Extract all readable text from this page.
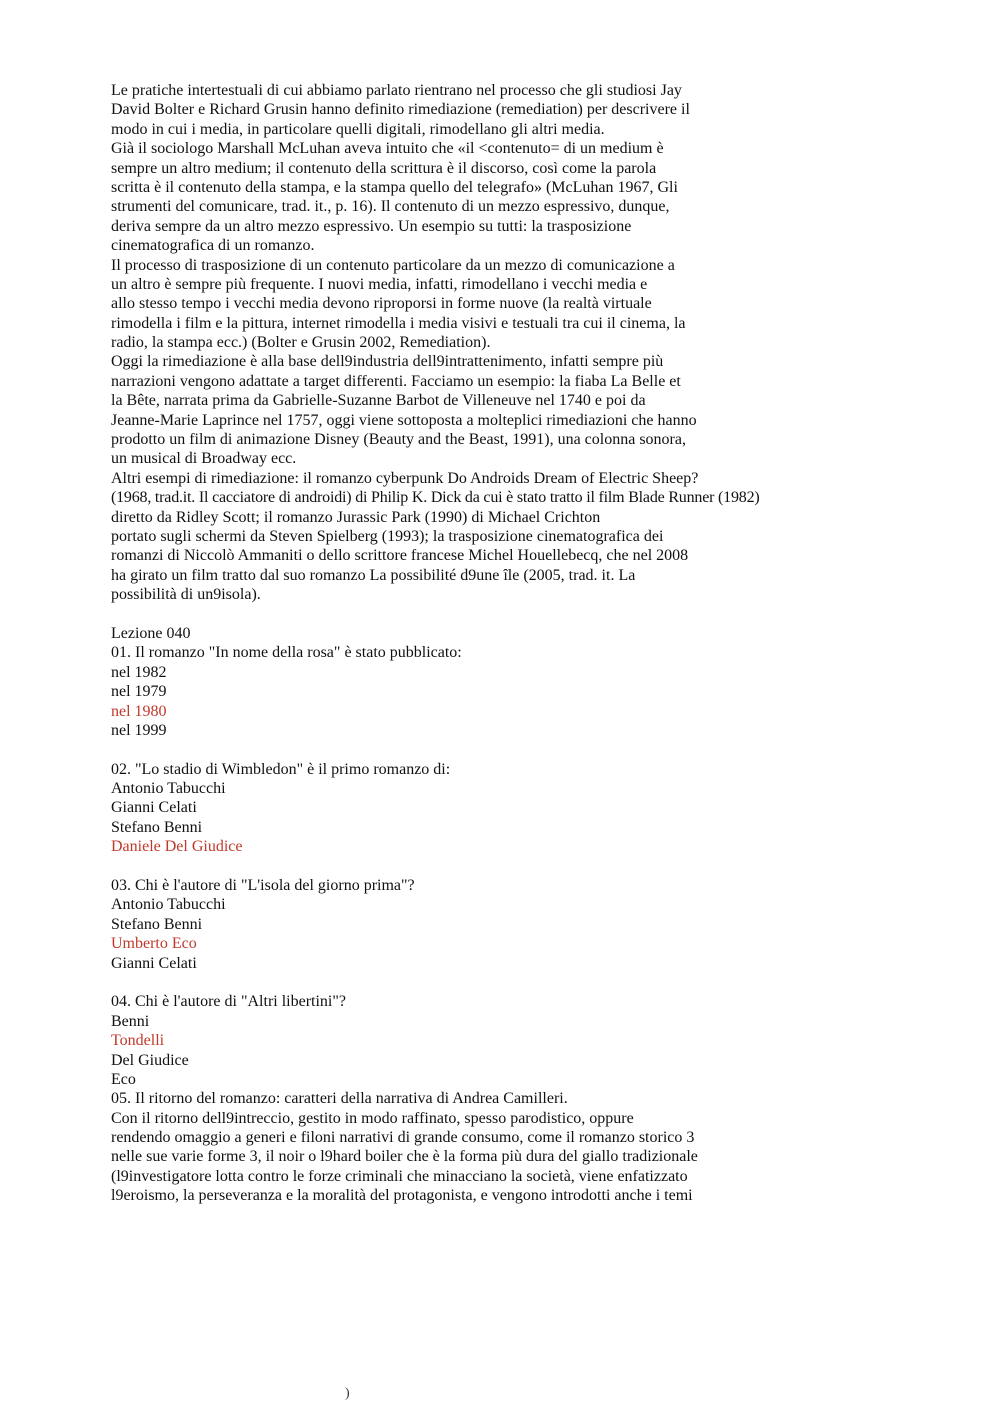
———
Le pratiche intertestuali di cui abbiamo parlato rientrano nel processo che gli studiosi Jay
David Bolter e Richard Grusin hanno definito rimediazione (remediation) per descrivere il
modo in cui i media, in particolare quelli digitali, rimodellano gli altri media.
Già il sociologo Marshall McLuhan aveva intuito che «il <contenuto= di un medium è
sempre un altro medium; il contenuto della scrittura è il discorso, così come la parola
scritta è il contenuto della stampa, e la stampa quello del telegrafo» (McLuhan 1967, Gli
strumenti del comunicare, trad. it., p. 16). Il contenuto di un mezzo espressivo, dunque,
deriva sempre da un altro mezzo espressivo. Un esempio su tutti: la trasposizione
cinematografica di un romanzo.
Il processo di trasposizione di un contenuto particolare da un mezzo di comunicazione a
un altro è sempre più frequente. I nuovi media, infatti, rimodellano i vecchi media e
allo stesso tempo i vecchi media devono riproporsi in forme nuove (la realtà virtuale
rimodella i film e la pittura, internet rimodella i media visivi e testuali tra cui il cinema, la
radio, la stampa ecc.) (Bolter e Grusin 2002, Remediation).
Oggi la rimediazione è alla base dell9industria dell9intrattenimento, infatti sempre più
narrazioni vengono adattate a target differenti. Facciamo un esempio: la fiaba La Belle et
la Bête, narrata prima da Gabrielle-Suzanne Barbot de Villeneuve nel 1740 e poi da
Jeanne-Marie Laprince nel 1757, oggi viene sottoposta a molteplici rimediazioni che hanno
prodotto un film di animazione Disney (Beauty and the Beast, 1991), una colonna sonora,
un musical di Broadway ecc.
Altri esempi di rimediazione: il romanzo cyberpunk Do Androids Dream of Electric Sheep?
(1968, trad.it. Il cacciatore di androidi) di Philip K. Dick da cui è stato tratto il film Blade Runner (1982)
diretto da Ridley Scott; il romanzo Jurassic Park (1990) di Michael Crichton
portato sugli schermi da Steven Spielberg (1993); la trasposizione cinematografica dei
romanzi di Niccolò Ammaniti o dello scrittore francese Michel Houellebecq, che nel 2008
ha girato un film tratto dal suo romanzo La possibilité d9une île (2005, trad. it. La
possibilità di un9isola).
Lezione 040
01. Il romanzo "In nome della rosa" è stato pubblicato:
nel 1982
nel 1979
nel 1980
nel 1999
02. "Lo stadio di Wimbledon" è il primo romanzo di:
Antonio Tabucchi
Gianni Celati
Stefano Benni
Daniele Del Giudice
03. Chi è l'autore di "L'isola del giorno prima"?
Antonio Tabucchi
Stefano Benni
Umberto Eco
Gianni Celati
04. Chi è l'autore di "Altri libertini"?
Benni
Tondelli
Del Giudice
Eco
05. Il ritorno del romanzo: caratteri della narrativa di Andrea Camilleri.
Con il ritorno dell9intreccio, gestito in modo raffinato, spesso parodistico, oppure
rendendo omaggio a generi e filoni narrativi di grande consumo, come il romanzo storico 3
nelle sue varie forme 3, il noir o l9hard boiler che è la forma più dura del giallo tradizionale
(l9investigatore lotta contro le forze criminali che minacciano la società, viene enfatizzato
l9eroismo, la perseveranza e la moralità del protagonista, e vengono introdotti anche i temi
)
